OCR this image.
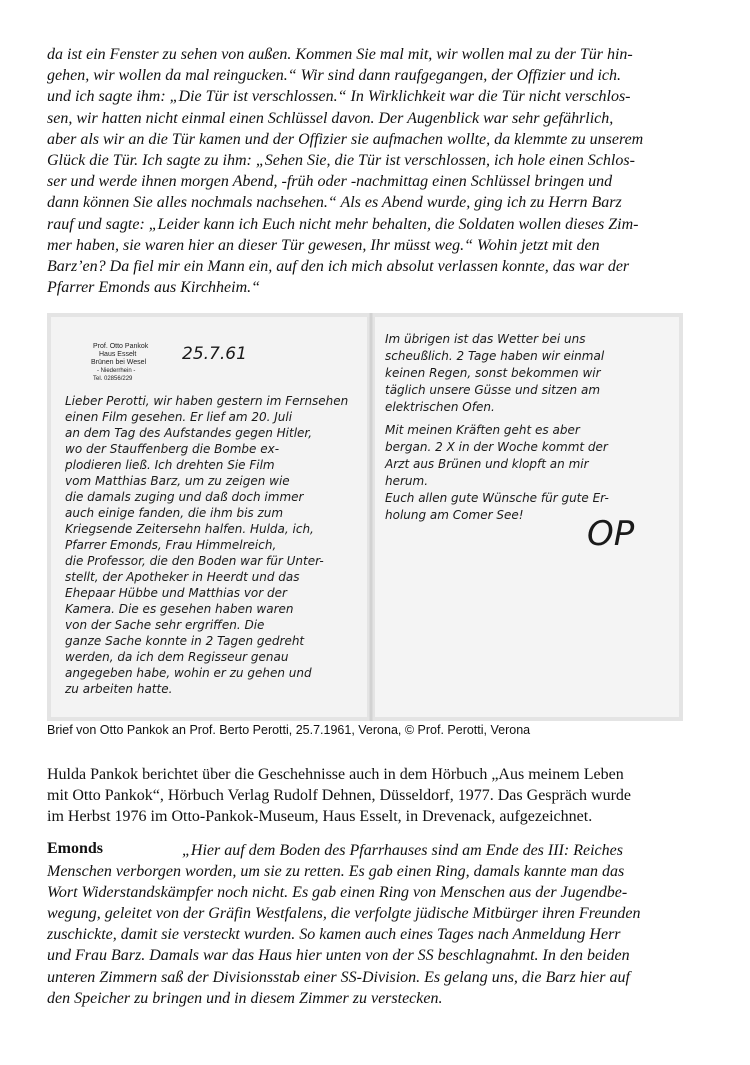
da ist ein Fenster zu sehen von außen. Kommen Sie mal mit, wir wollen mal zu der Tür hin-
gehen, wir wollen da mal reingucken.“ Wir sind dann raufgegangen, der Offizier und ich.
und ich sagte ihm: „Die Tür ist verschlossen.“ In Wirklichkeit war die Tür nicht verschlos-
sen, wir hatten nicht einmal einen Schlüssel davon. Der Augenblick war sehr gefährlich,
aber als wir an die Tür kamen und der Offizier sie aufmachen wollte, da klemmte zu unserem
Glück die Tür. Ich sagte zu ihm: „Sehen Sie, die Tür ist verschlossen, ich hole einen Schlos-
ser und werde ihnen morgen Abend, -früh oder -nachmittag einen Schlüssel bringen und
dann können Sie alles nochmals nachsehen.“ Als es Abend wurde, ging ich zu Herrn Barz
rauf und sagte: „Leider kann ich Euch nicht mehr behalten, die Soldaten wollen dieses Zim-
mer haben, sie waren hier an dieser Tür gewesen, Ihr müsst weg.“ Wohin jetzt mit den
Barz’en? Da fiel mir ein Mann ein, auf den ich mich absolut verlassen konnte, das war der
Pfarrer Emonds aus Kirchheim.“
Prof. Otto Pankok
Haus Esselt
Brünen bei Wesel
- Niederrhein -
Tel. 02856/229
25.7.61
Lieber Perotti, wir haben gestern im Fernsehen
einen Film gesehen. Er lief am 20. Juli
an dem Tag des Aufstandes gegen Hitler,
wo der Stauffenberg die Bombe ex-
plodieren ließ. Ich drehten Sie Film
vom Matthias Barz, um zu zeigen wie
die damals zuging und daß doch immer
auch einige fanden, die ihm bis zum
Kriegsende Zeitersehn halfen. Hulda, ich,
Pfarrer Emonds, Frau Himmelreich,
die Professor, die den Boden war für Unter-
stellt, der Apotheker in Heerdt und das
Ehepaar Hübbe und Matthias vor der
Kamera. Die es gesehen haben waren
von der Sache sehr ergriffen. Die
ganze Sache konnte in 2 Tagen gedreht
werden, da ich dem Regisseur genau
angegeben habe, wohin er zu gehen und
zu arbeiten hatte.
Im übrigen ist das Wetter bei uns
scheußlich. 2 Tage haben wir einmal
keinen Regen, sonst bekommen wir
täglich unsere Güsse und sitzen am
elektrischen Ofen.
Mit meinen Kräften geht es aber
bergan. 2 X in der Woche kommt der
Arzt aus Brünen und klopft an mir
herum.
Euch allen gute Wünsche für gute Er-
holung am Comer See! OP
Brief von Otto Pankok an Prof. Berto Perotti, 25.7.1961, Verona, © Prof. Perotti, Verona
Hulda Pankok berichtet über die Geschehnisse auch in dem Hörbuch „Aus meinem Leben
mit Otto Pankok“, Hörbuch Verlag Rudolf Dehnen, Düsseldorf, 1977. Das Gespräch wurde
im Herbst 1976 im Otto-Pankok-Museum, Haus Esselt, in Drevenack, aufgezeichnet.
Emonds	„Hier auf dem Boden des Pfarrhauses sind am Ende des III: Reiches
Menschen verborgen worden, um sie zu retten. Es gab einen Ring, damals kannte man das
Wort Widerstandskämpfer noch nicht. Es gab einen Ring von Menschen aus der Jugendbe-
wegung, geleitet von der Gräfin Westfalens, die verfolgte jüdische Mitbürger ihren Freunden
zuschickte, damit sie versteckt wurden. So kamen auch eines Tages nach Anmeldung Herr
und Frau Barz. Damals war das Haus hier unten von der SS beschlagnahmt. In den beiden
unteren Zimmern saß der Divisionsstab einer SS-Division. Es gelang uns, die Barz hier auf
den Speicher zu bringen und in diesem Zimmer zu verstecken.
